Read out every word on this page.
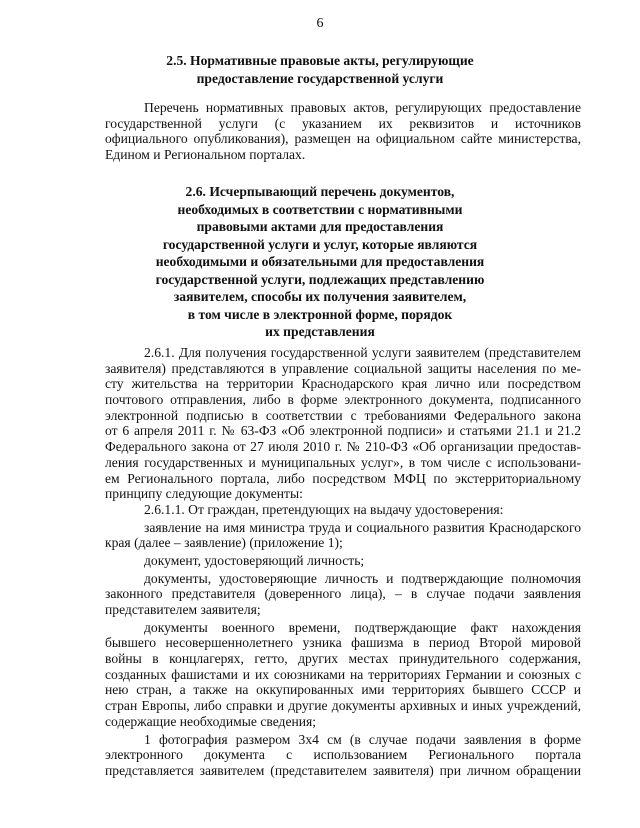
6
2.5. Нормативные правовые акты, регулирующие
предоставление государственной услуги
Перечень нормативных правовых актов, регулирующих предоставление
государственной услуги (с указанием их реквизитов и источников
официального опубликования), размещен на официальном сайте министерства,
Едином и Региональном порталах.
2.6. Исчерпывающий перечень документов,
необходимых в соответствии с нормативными
правовыми актами для предоставления
государственной услуги и услуг, которые являются
необходимыми и обязательными для предоставления
государственной услуги, подлежащих представлению
заявителем, способы их получения заявителем,
в том числе в электронной форме, порядок
их представления
2.6.1. Для получения государственной услуги заявителем (представителем
заявителя) представляются в управление социальной защиты населения по ме-
сту жительства на территории Краснодарского края лично или посредством
почтового отправления, либо в форме электронного документа, подписанного
электронной подписью в соответствии с требованиями Федерального закона
от 6 апреля 2011 г. № 63-ФЗ «Об электронной подписи» и статьями 21.1 и 21.2
Федерального закона от 27 июля 2010 г. № 210-ФЗ «Об организации предостав-
ления государственных и муниципальных услуг», в том числе с использовани-
ем Регионального портала, либо посредством МФЦ по экстерриториальному
принципу следующие документы:
2.6.1.1. От граждан, претендующих на выдачу удостоверения:
заявление на имя министра труда и социального развития Краснодарского
края (далее – заявление) (приложение 1);
документ, удостоверяющий личность;
документы, удостоверяющие личность и подтверждающие полномочия
законного представителя (доверенного лица), – в случае подачи заявления
представителем заявителя;
документы военного времени, подтверждающие факт нахождения
бывшего несовершеннолетнего узника фашизма в период Второй мировой
войны в концлагерях, гетто, других местах принудительного содержания,
созданных фашистами и их союзниками на территориях Германии и союзных с
нею стран, а также на оккупированных ими территориях бывшего СССР и
стран Европы, либо справки и другие документы архивных и иных учреждений,
содержащие необходимые сведения;
1 фотография размером 3х4 см (в случае подачи заявления в форме
электронного документа с использованием Регионального портала
представляется заявителем (представителем заявителя) при личном обращении
